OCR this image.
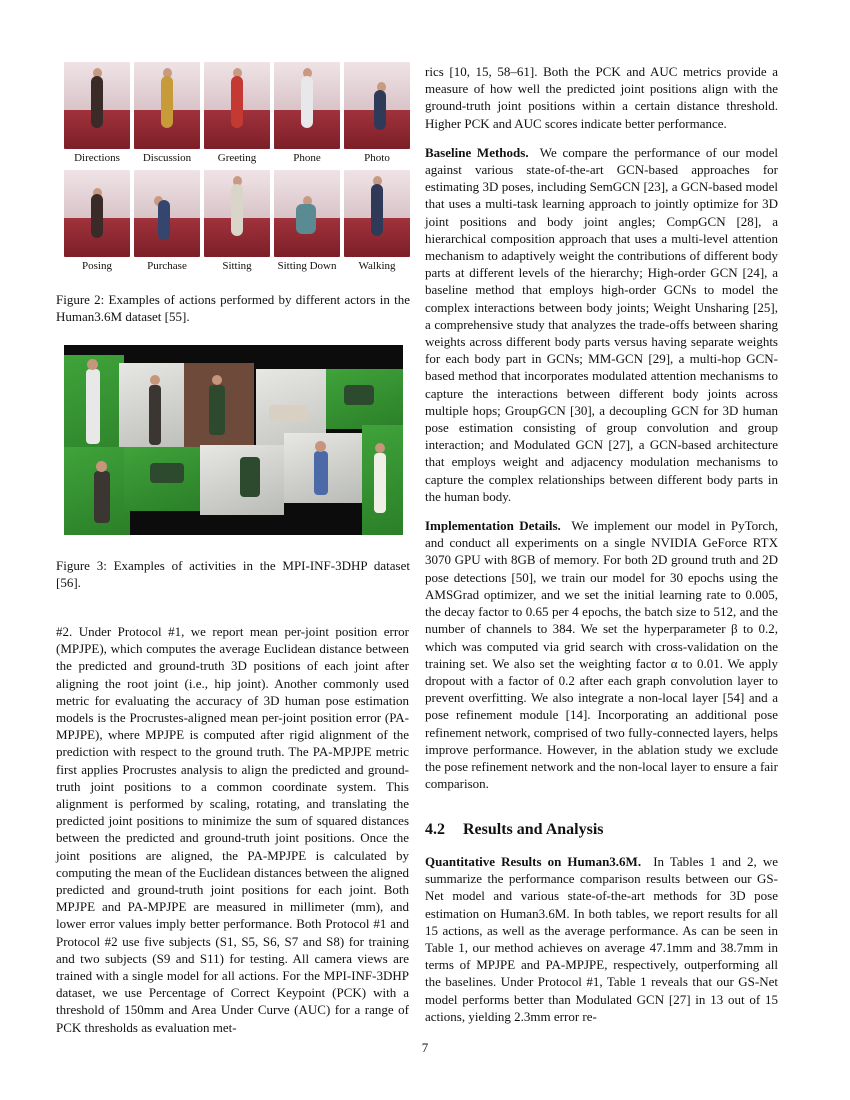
Directions	Discussion	Greeting	Phone	Photo
Posing	Purchase	Sitting	Sitting Down	Walking
Figure 2: Examples of actions performed by different actors in the Human3.6M dataset [55].
Figure 3: Examples of activities in the MPI-INF-3DHP dataset [56].

#2. Under Protocol #1, we report mean per-joint position error (MPJPE), which computes the average Euclidean distance between the predicted and ground-truth 3D positions of each joint after aligning the root joint (i.e., hip joint). Another commonly used metric for evaluating the accuracy of 3D human pose estimation models is the Procrustes-aligned mean per-joint position error (PA-MPJPE), where MPJPE is computed after rigid alignment of the prediction with respect to the ground truth. The PA-MPJPE metric first applies Procrustes analysis to align the predicted and ground-truth joint positions to a common coordinate system. This alignment is performed by scaling, rotating, and translating the predicted joint positions to minimize the sum of squared distances between the predicted and ground-truth joint positions. Once the joint positions are aligned, the PA-MPJPE is calculated by computing the mean of the Euclidean distances between the aligned predicted and ground-truth joint positions for each joint. Both MPJPE and PA-MPJPE are measured in millimeter (mm), and lower error values imply better performance. Both Protocol #1 and Protocol #2 use five subjects (S1, S5, S6, S7 and S8) for training and two subjects (S9 and S11) for testing. All camera views are trained with a single model for all actions. For the MPI-INF-3DHP dataset, we use Percentage of Correct Keypoint (PCK) with a threshold of 150mm and Area Under Curve (AUC) for a range of PCK thresholds as evaluation met-

rics [10, 15, 58–61]. Both the PCK and AUC metrics provide a measure of how well the predicted joint positions align with the ground-truth joint positions within a certain distance threshold. Higher PCK and AUC scores indicate better performance.

Baseline Methods. We compare the performance of our model against various state-of-the-art GCN-based approaches for estimating 3D poses, including SemGCN [23], a GCN-based model that uses a multi-task learning approach to jointly optimize for 3D joint positions and body joint angles; CompGCN [28], a hierarchical composition approach that uses a multi-level attention mechanism to adaptively weight the contributions of different body parts at different levels of the hierarchy; High-order GCN [24], a baseline method that employs high-order GCNs to model the complex interactions between body joints; Weight Unsharing [25], a comprehensive study that analyzes the trade-offs between sharing weights across different body parts versus having separate weights for each body part in GCNs; MM-GCN [29], a multi-hop GCN-based method that incorporates modulated attention mechanisms to capture the interactions between different body joints across multiple hops; GroupGCN [30], a decoupling GCN for 3D human pose estimation consisting of group convolution and group interaction; and Modulated GCN [27], a GCN-based architecture that employs weight and adjacency modulation mechanisms to capture the complex relationships between different body parts in the human body.

Implementation Details. We implement our model in PyTorch, and conduct all experiments on a single NVIDIA GeForce RTX 3070 GPU with 8GB of memory. For both 2D ground truth and 2D pose detections [50], we train our model for 30 epochs using the AMSGrad optimizer, and we set the initial learning rate to 0.005, the decay factor to 0.65 per 4 epochs, the batch size to 512, and the number of channels to 384. We set the hyperparameter β to 0.2, which was computed via grid search with cross-validation on the training set. We also set the weighting factor α to 0.01. We apply dropout with a factor of 0.2 after each graph convolution layer to prevent overfitting. We also integrate a non-local layer [54] and a pose refinement module [14]. Incorporating an additional pose refinement network, comprised of two fully-connected layers, helps improve performance. However, in the ablation study we exclude the pose refinement network and the non-local layer to ensure a fair comparison.

4.2 Results and Analysis

Quantitative Results on Human3.6M. In Tables 1 and 2, we summarize the performance comparison results between our GS-Net model and various state-of-the-art methods for 3D pose estimation on Human3.6M. In both tables, we report results for all 15 actions, as well as the average performance. As can be seen in Table 1, our method achieves on average 47.1mm and 38.7mm in terms of MPJPE and PA-MPJPE, respectively, outperforming all the baselines. Under Protocol #1, Table 1 reveals that our GS-Net model performs better than Modulated GCN [27] in 13 out of 15 actions, yielding 2.3mm error re-

7
